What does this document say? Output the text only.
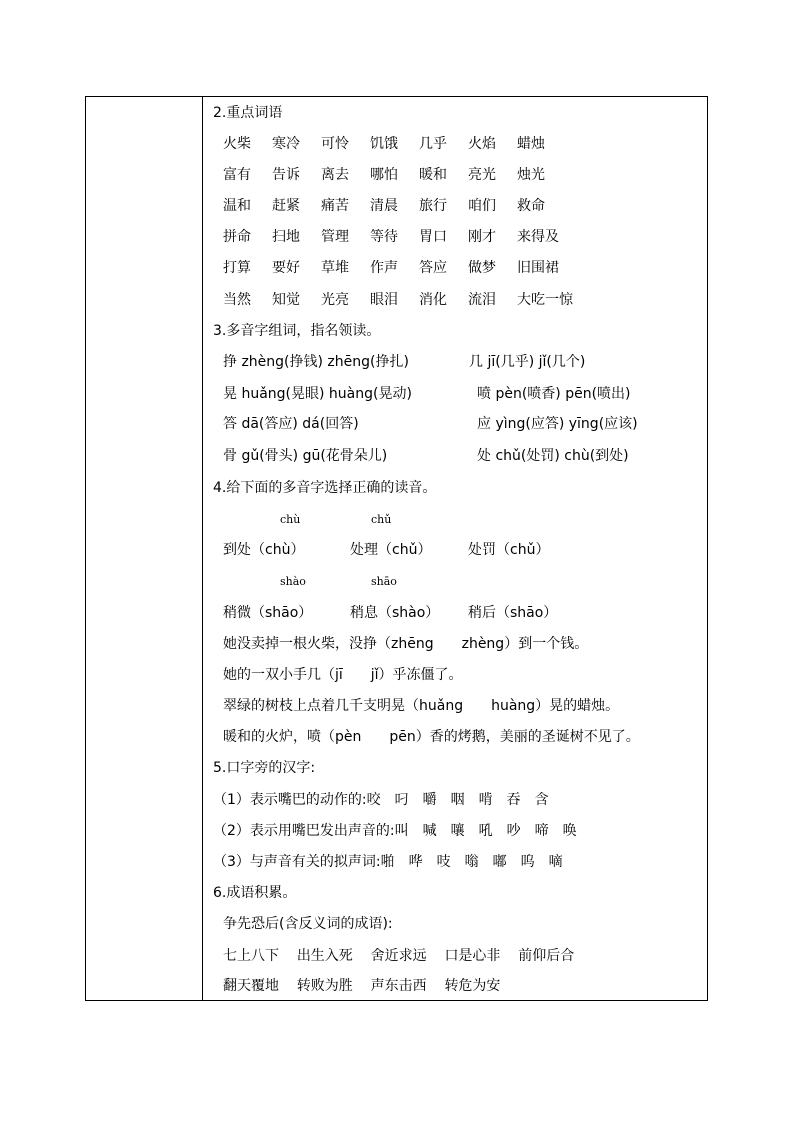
2.重点词语
火柴 寒冷 可怜 饥饿 几乎 火焰 蜡烛
富有 告诉 离去 哪怕 暖和 亮光 烛光
温和 赶紧 痛苦 清晨 旅行 咱们 救命
拼命 扫地 管理 等待 胃口 刚才 来得及
打算 要好 草堆 作声 答应 做梦 旧围裙
当然 知觉 光亮 眼泪 消化 流泪 大吃一惊
3.多音字组词，指名领读。
挣 zhèng(挣钱) zhēng(挣扎)	几 jī(几乎) jǐ(几个)
晃 huǎng(晃眼) huàng(晃动)	喷 pèn(喷香) pēn(喷出)
答 dā(答应) dá(回答)	应 yìng(应答) yīng(应该)
骨 gǔ(骨头) gū(花骨朵儿)	处 chǔ(处罚) chù(到处)
4.给下面的多音字选择正确的读音。
chù	chǔ
到处（chù）	处理（chǔ）	处罚（chǔ）
shào	shāo
稍微（shāo）	稍息（shào） 稍后（shāo）
她没卖掉一根火柴，没挣（zhēng　　zhèng）到一个钱。
她的一双小手几（jī　　jǐ）乎冻僵了。
翠绿的树枝上点着几千支明晃（huǎng　　huàng）晃的蜡烛。
暖和的火炉，喷（pèn　　pēn）香的烤鹅，美丽的圣诞树不见了。
5.口字旁的汉字:
（1）表示嘴巴的动作的:咬　叼　嚼　咽　啃　吞　含
（2）表示用嘴巴发出声音的:叫　喊　嚷　吼　吵　啼　唤
（3）与声音有关的拟声词:啪　哗　吱　嗡　嘟　呜　嘀
6.成语积累。
争先恐后(含反义词的成语):
七上八下 出生入死 舍近求远 口是心非 前仰后合
翻天覆地 转败为胜 声东击西 转危为安
